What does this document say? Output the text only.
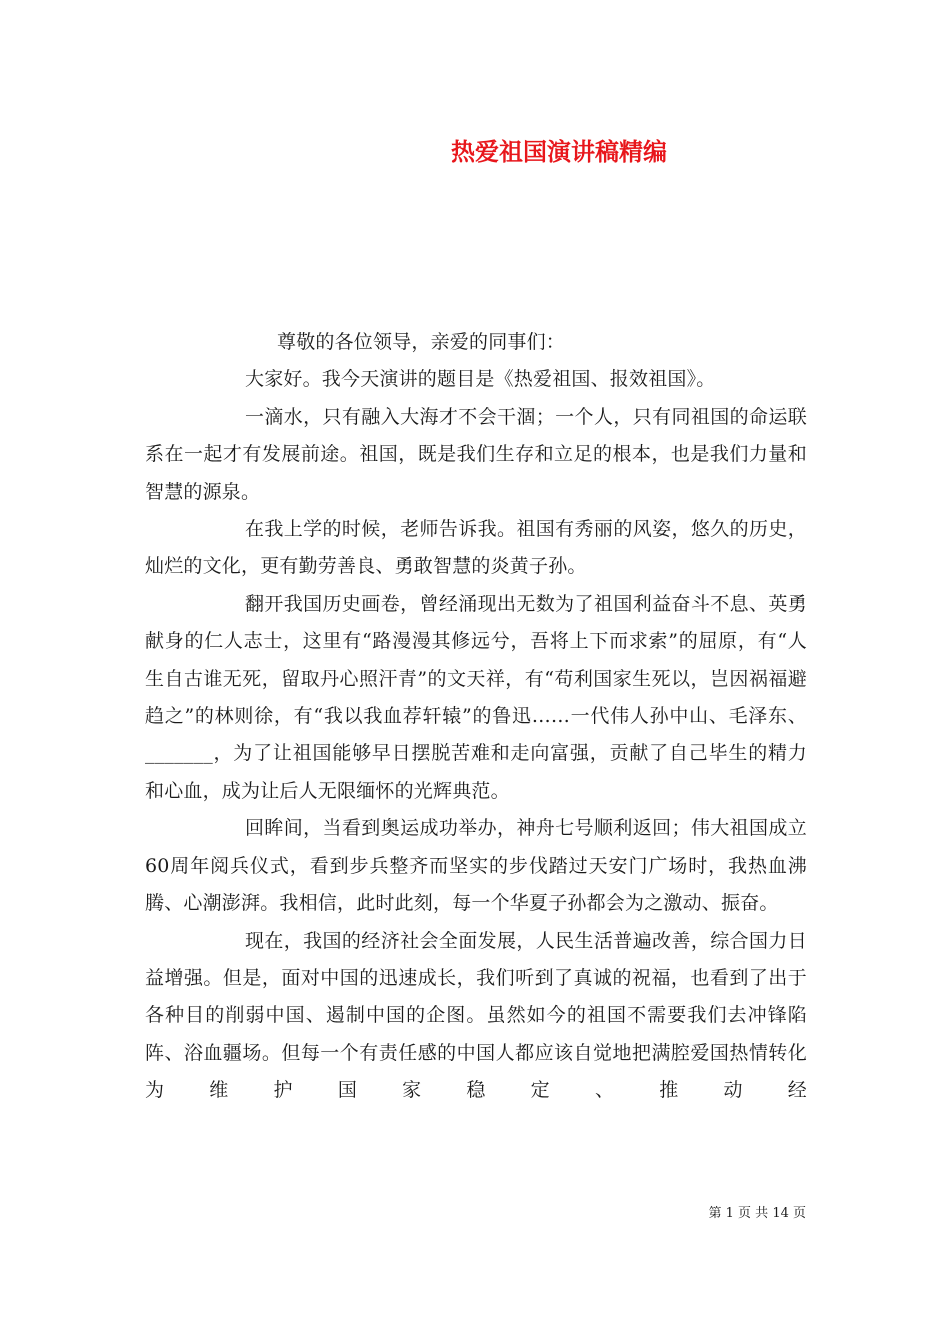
热爱祖国演讲稿精编

尊敬的各位领导，亲爱的同事们：

大家好。我今天演讲的题目是《热爱祖国、报效祖国》。

一滴水，只有融入大海才不会干涸；一个人，只有同祖国的命运联系在一起才有发展前途。祖国，既是我们生存和立足的根本，也是我们力量和智慧的源泉。

在我上学的时候，老师告诉我。祖国有秀丽的风姿，悠久的历史，灿烂的文化，更有勤劳善良、勇敢智慧的炎黄子孙。

翻开我国历史画卷，曾经涌现出无数为了祖国利益奋斗不息、英勇献身的仁人志士，这里有“路漫漫其修远兮，吾将上下而求索”的屈原，有“人生自古谁无死，留取丹心照汗青”的文天祥，有“苟利国家生死以，岂因祸福避趋之”的林则徐，有“我以我血荐轩辕”的鲁迅……一代伟人孙中山、毛泽东、_______，为了让祖国能够早日摆脱苦难和走向富强，贡献了自己毕生的精力和心血，成为让后人无限缅怀的光辉典范。

回眸间，当看到奥运成功举办，神舟七号顺利返回；伟大祖国成立60周年阅兵仪式，看到步兵整齐而坚实的步伐踏过天安门广场时，我热血沸腾、心潮澎湃。我相信，此时此刻，每一个华夏子孙都会为之激动、振奋。

现在，我国的经济社会全面发展，人民生活普遍改善，综合国力日益增强。但是，面对中国的迅速成长，我们听到了真诚的祝福，也看到了出于各种目的削弱中国、遏制中国的企图。虽然如今的祖国不需要我们去冲锋陷阵、浴血疆场。但每一个有责任感的中国人都应该自觉地把满腔爱国热情转化为维护国家稳定、推动经

第 1 页 共 14 页
